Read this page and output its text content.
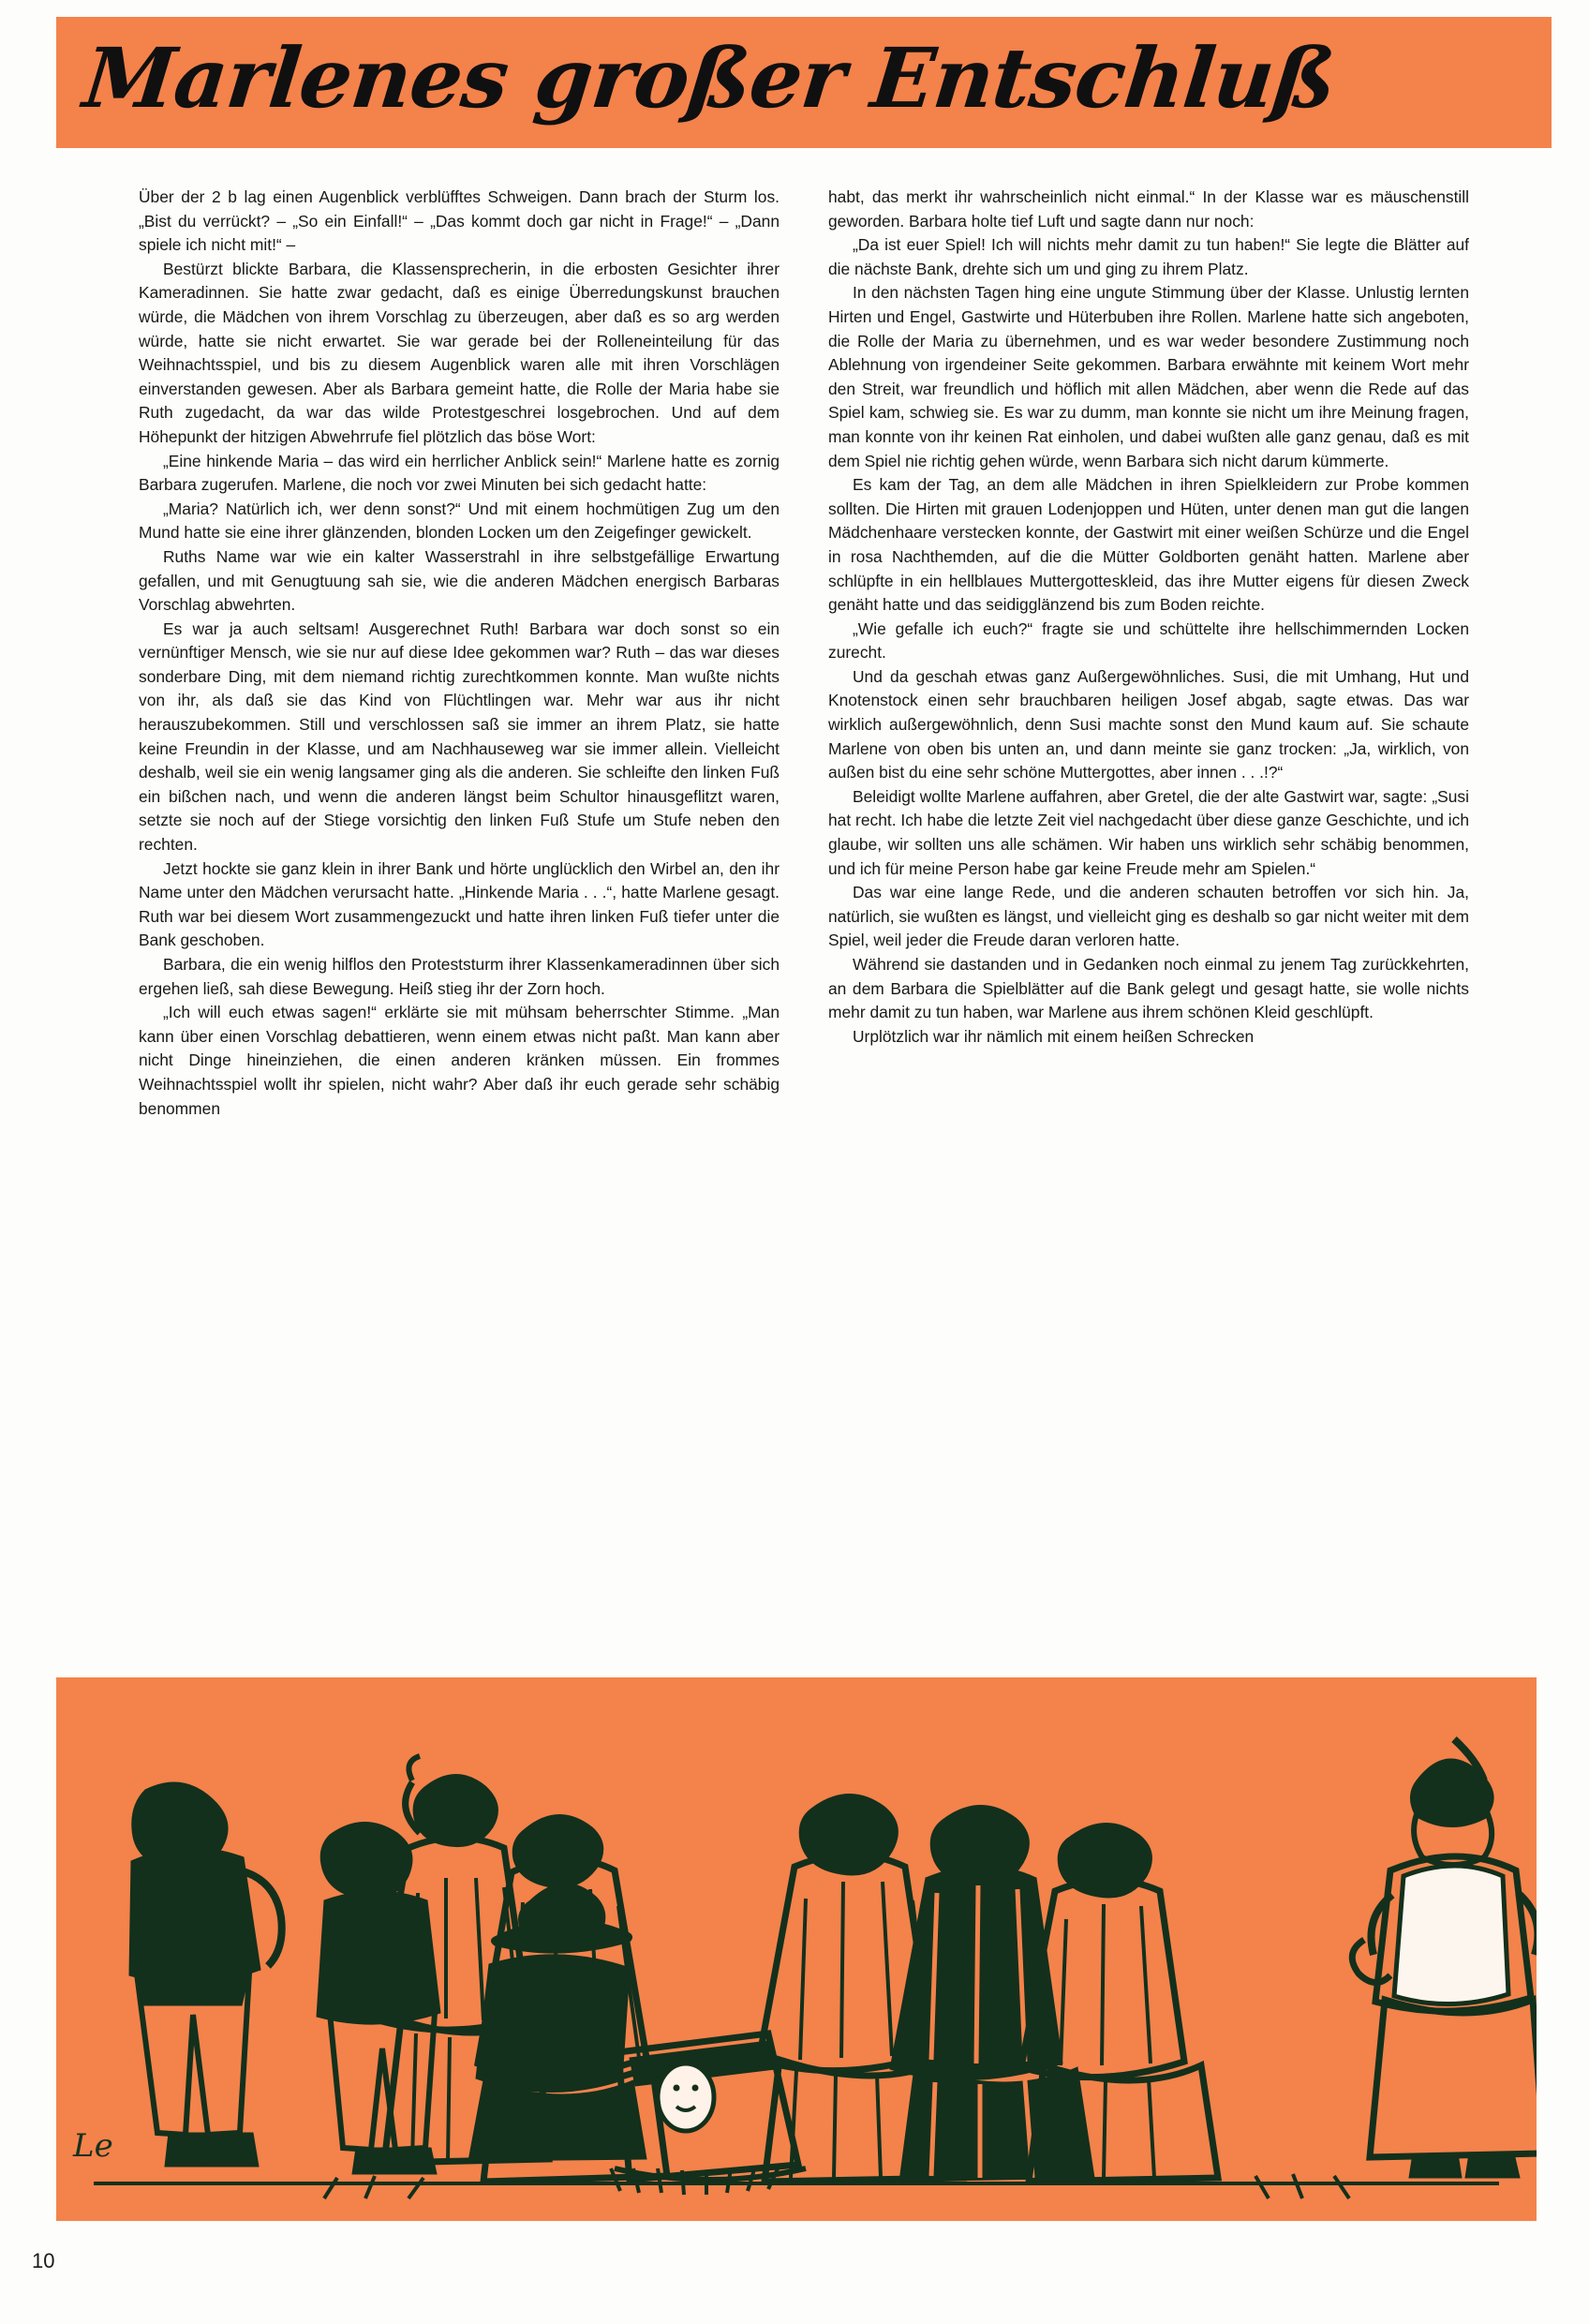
Marlenes großer Entschluß

Über der 2 b lag einen Augenblick verblüfftes Schweigen. Dann brach der Sturm los. „Bist du verrückt? – „So ein Einfall!“ – „Das kommt doch gar nicht in Frage!“ – „Dann spiele ich nicht mit!“ –

Bestürzt blickte Barbara, die Klassensprecherin, in die erbosten Gesichter ihrer Kameradinnen. Sie hatte zwar gedacht, daß es einige Überredungskunst brauchen würde, die Mädchen von ihrem Vorschlag zu überzeugen, aber daß es so arg werden würde, hatte sie nicht erwartet. Sie war gerade bei der Rolleneinteilung für das Weihnachtsspiel, und bis zu diesem Augenblick waren alle mit ihren Vorschlägen einverstanden gewesen. Aber als Barbara gemeint hatte, die Rolle der Maria habe sie Ruth zugedacht, da war das wilde Protestgeschrei losgebrochen. Und auf dem Höhepunkt der hitzigen Abwehrrufe fiel plötzlich das böse Wort:

„Eine hinkende Maria – das wird ein herrlicher Anblick sein!“ Marlene hatte es zornig Barbara zugerufen. Marlene, die noch vor zwei Minuten bei sich gedacht hatte:

„Maria? Natürlich ich, wer denn sonst?“ Und mit einem hochmütigen Zug um den Mund hatte sie eine ihrer glänzenden, blonden Locken um den Zeigefinger gewickelt.

Ruths Name war wie ein kalter Wasserstrahl in ihre selbstgefällige Erwartung gefallen, und mit Genugtuung sah sie, wie die anderen Mädchen energisch Barbaras Vorschlag abwehrten.

Es war ja auch seltsam! Ausgerechnet Ruth! Barbara war doch sonst so ein vernünftiger Mensch, wie sie nur auf diese Idee gekommen war? Ruth – das war dieses sonderbare Ding, mit dem niemand richtig zurechtkommen konnte. Man wußte nichts von ihr, als daß sie das Kind von Flüchtlingen war. Mehr war aus ihr nicht herauszubekommen. Still und verschlossen saß sie immer an ihrem Platz, sie hatte keine Freundin in der Klasse, und am Nachhauseweg war sie immer allein. Vielleicht deshalb, weil sie ein wenig langsamer ging als die anderen. Sie schleifte den linken Fuß ein bißchen nach, und wenn die anderen längst beim Schultor hinausgeflitzt waren, setzte sie noch auf der Stiege vorsichtig den linken Fuß Stufe um Stufe neben den rechten.

Jetzt hockte sie ganz klein in ihrer Bank und hörte unglücklich den Wirbel an, den ihr Name unter den Mädchen verursacht hatte. „Hinkende Maria . . .“, hatte Marlene gesagt. Ruth war bei diesem Wort zusammengezuckt und hatte ihren linken Fuß tiefer unter die Bank geschoben.

Barbara, die ein wenig hilflos den Proteststurm ihrer Klassenkameradinnen über sich ergehen ließ, sah diese Bewegung. Heiß stieg ihr der Zorn hoch.

„Ich will euch etwas sagen!“ erklärte sie mit mühsam beherrschter Stimme. „Man kann über einen Vorschlag debattieren, wenn einem etwas nicht paßt. Man kann aber nicht Dinge hineinziehen, die einen anderen kränken müssen. Ein frommes Weihnachtsspiel wollt ihr spielen, nicht wahr? Aber daß ihr euch gerade sehr schäbig benommen

habt, das merkt ihr wahrscheinlich nicht einmal.“ In der Klasse war es mäuschenstill geworden. Barbara holte tief Luft und sagte dann nur noch:

„Da ist euer Spiel! Ich will nichts mehr damit zu tun haben!“ Sie legte die Blätter auf die nächste Bank, drehte sich um und ging zu ihrem Platz.

In den nächsten Tagen hing eine ungute Stimmung über der Klasse. Unlustig lernten Hirten und Engel, Gastwirte und Hüterbuben ihre Rollen. Marlene hatte sich angeboten, die Rolle der Maria zu übernehmen, und es war weder besondere Zustimmung noch Ablehnung von irgendeiner Seite gekommen. Barbara erwähnte mit keinem Wort mehr den Streit, war freundlich und höflich mit allen Mädchen, aber wenn die Rede auf das Spiel kam, schwieg sie. Es war zu dumm, man konnte sie nicht um ihre Meinung fragen, man konnte von ihr keinen Rat einholen, und dabei wußten alle ganz genau, daß es mit dem Spiel nie richtig gehen würde, wenn Barbara sich nicht darum kümmerte.

Es kam der Tag, an dem alle Mädchen in ihren Spielkleidern zur Probe kommen sollten. Die Hirten mit grauen Lodenjoppen und Hüten, unter denen man gut die langen Mädchenhaare verstecken konnte, der Gastwirt mit einer weißen Schürze und die Engel in rosa Nachthemden, auf die die Mütter Goldborten genäht hatten. Marlene aber schlüpfte in ein hellblaues Muttergotteskleid, das ihre Mutter eigens für diesen Zweck genäht hatte und das seidigglänzend bis zum Boden reichte.

„Wie gefalle ich euch?“ fragte sie und schüttelte ihre hellschimmernden Locken zurecht.

Und da geschah etwas ganz Außergewöhnliches. Susi, die mit Umhang, Hut und Knotenstock einen sehr brauchbaren heiligen Josef abgab, sagte etwas. Das war wirklich außergewöhnlich, denn Susi machte sonst den Mund kaum auf. Sie schaute Marlene von oben bis unten an, und dann meinte sie ganz trocken: „Ja, wirklich, von außen bist du eine sehr schöne Muttergottes, aber innen . . .!?“

Beleidigt wollte Marlene auffahren, aber Gretel, die der alte Gastwirt war, sagte: „Susi hat recht. Ich habe die letzte Zeit viel nachgedacht über diese ganze Geschichte, und ich glaube, wir sollten uns alle schämen. Wir haben uns wirklich sehr schäbig benommen, und ich für meine Person habe gar keine Freude mehr am Spielen.“

Das war eine lange Rede, und die anderen schauten betroffen vor sich hin. Ja, natürlich, sie wußten es längst, und vielleicht ging es deshalb so gar nicht weiter mit dem Spiel, weil jeder die Freude daran verloren hatte.

Während sie dastanden und in Gedanken noch einmal zu jenem Tag zurückkehrten, an dem Barbara die Spielblätter auf die Bank gelegt und gesagt hatte, sie wolle nichts mehr damit zu tun haben, war Marlene aus ihrem schönen Kleid geschlüpft.

Urplötzlich war ihr nämlich mit einem heißen Schrecken

Le
10
